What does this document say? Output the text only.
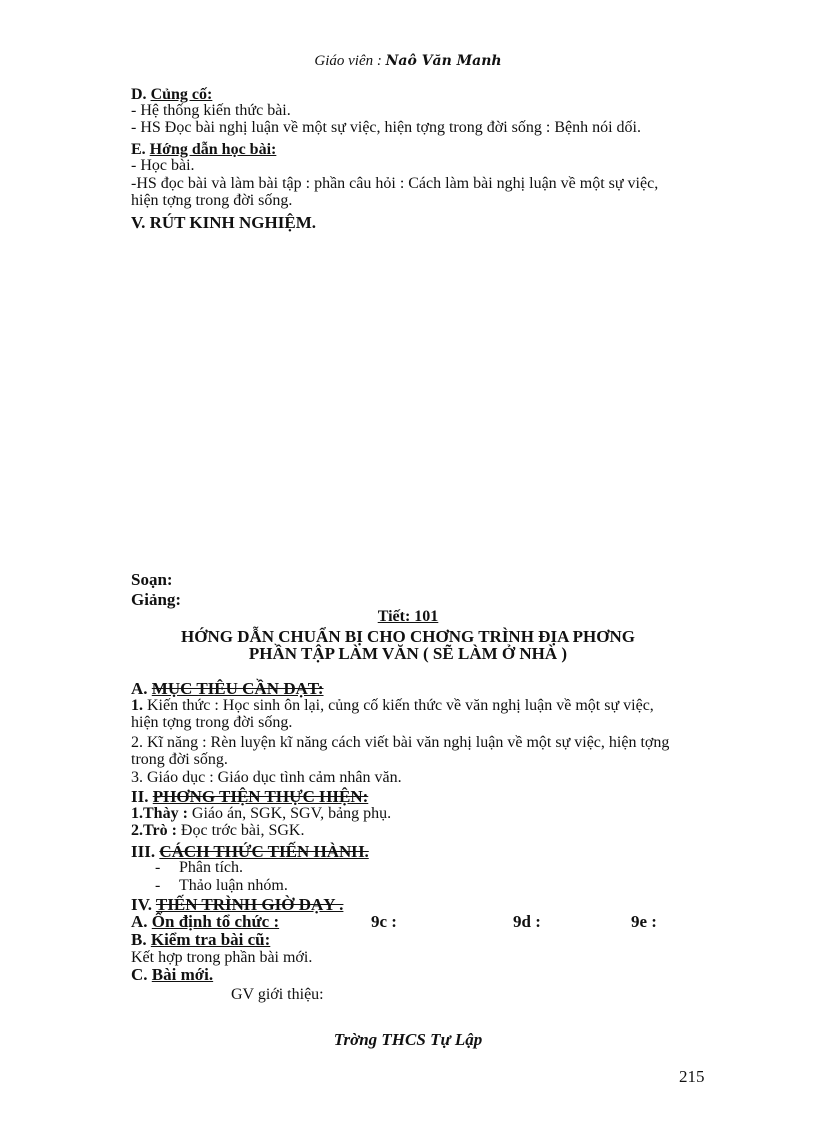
Giáo viên : Naô Văn Manh
D. Củng cố:
- Hệ thống kiến thức bài.
- HS Đọc bài nghị luận về một sự việc, hiện tợng trong đời sống : Bệnh nói dối.
E. Hớng dẫn học bài:
- Học bài.
-HS đọc bài và làm bài tập : phần câu hỏi : Cách làm bài nghị luận về một sự việc,
hiện tợng trong đời sống.
V. RÚT KINH NGHIỆM.
Soạn:
Giảng:
Tiết: 101
HỚNG DẪN CHUẨN BỊ CHO CHƠNG TRÌNH ĐỊA PHƠNG
PHẦN TẬP LÀM VĂN ( SẼ LÀM Ở NHÀ )
A. MỤC TIÊU CẦN ĐẠT:
1. Kiến thức : Học sinh ôn lại, củng cố kiến thức về văn nghị luận về một sự việc,
hiện tợng trong đời sống.
2. Kĩ năng : Rèn luyện kĩ năng cách viết bài văn nghị luận về một sự việc, hiện tợng
trong đời sống.
3. Giáo dục : Giáo dục tình cảm nhân văn.
II. PHƠNG TIỆN THỰC HIỆN:
1.Thày : Giáo án, SGK, SGV, bảng phụ.
2.Trò : Đọc trớc bài, SGK.
III. CÁCH THỨC TIẾN HÀNH.
- Phân tích.
- Thảo luận nhóm.
IV. TIẾN TRÌNH GIỜ DẠY .
A. Ổn định tổ chức :	9c :	9d :	9e :
B. Kiểm tra bài cũ:
Kết hợp trong phần bài mới.
C. Bài mới.
GV giới thiệu:
Trờng THCS Tự Lập
215
